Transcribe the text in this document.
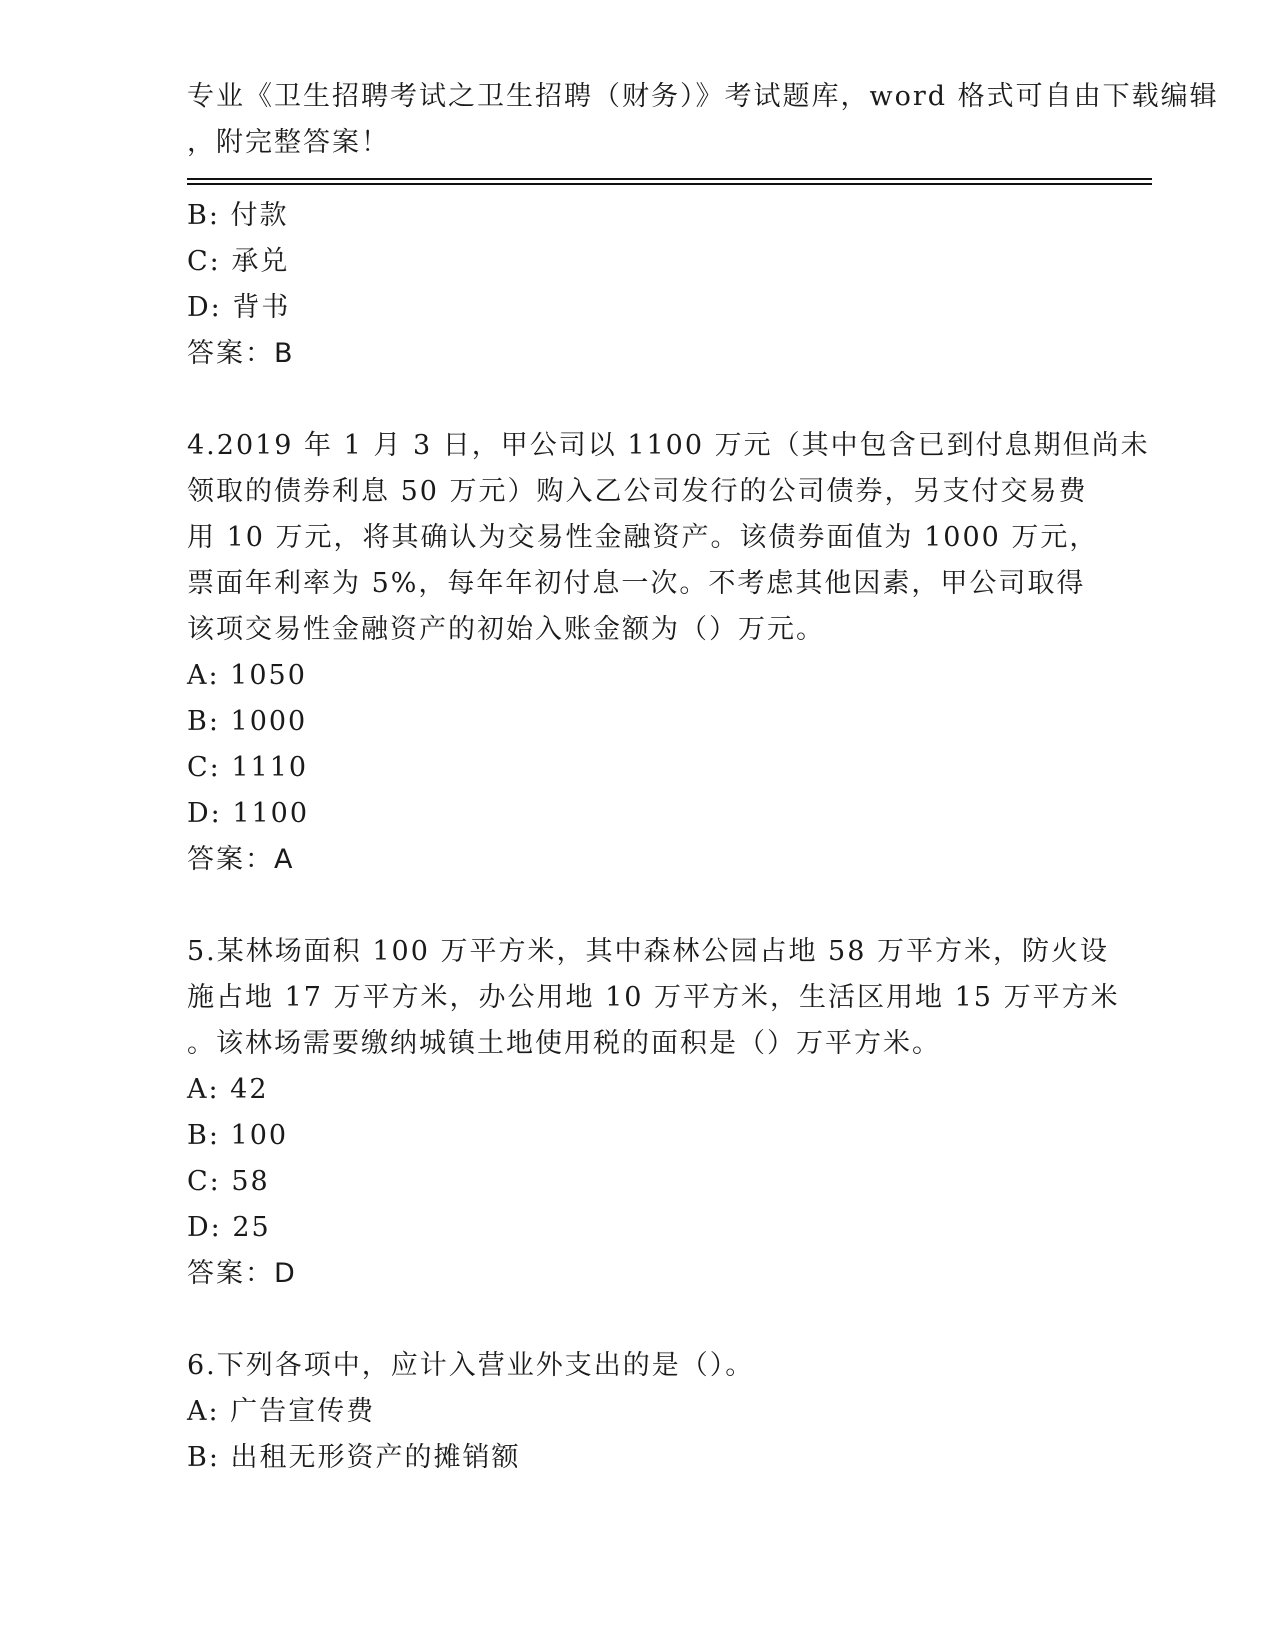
专业《卫生招聘考试之卫生招聘（财务）》考试题库，word 格式可自由下载编辑
，附完整答案！
B: 付款
C: 承兑
D: 背书
答案：B
4.2019 年 1 月 3 日，甲公司以 1100 万元（其中包含已到付息期但尚未
领取的债券利息 50 万元）购入乙公司发行的公司债券，另支付交易费
用 10 万元，将其确认为交易性金融资产。该债券面值为 1000 万元，
票面年利率为 5%，每年年初付息一次。不考虑其他因素，甲公司取得
该项交易性金融资产的初始入账金额为（）万元。
A: 1050
B: 1000
C: 1110
D: 1100
答案：A
5.某林场面积 100 万平方米，其中森林公园占地 58 万平方米，防火设
施占地 17 万平方米，办公用地 10 万平方米，生活区用地 15 万平方米
。该林场需要缴纳城镇土地使用税的面积是（）万平方米。
A: 42
B: 100
C: 58
D: 25
答案：D
6.下列各项中，应计入营业外支出的是（）。
A: 广告宣传费
B: 出租无形资产的摊销额
